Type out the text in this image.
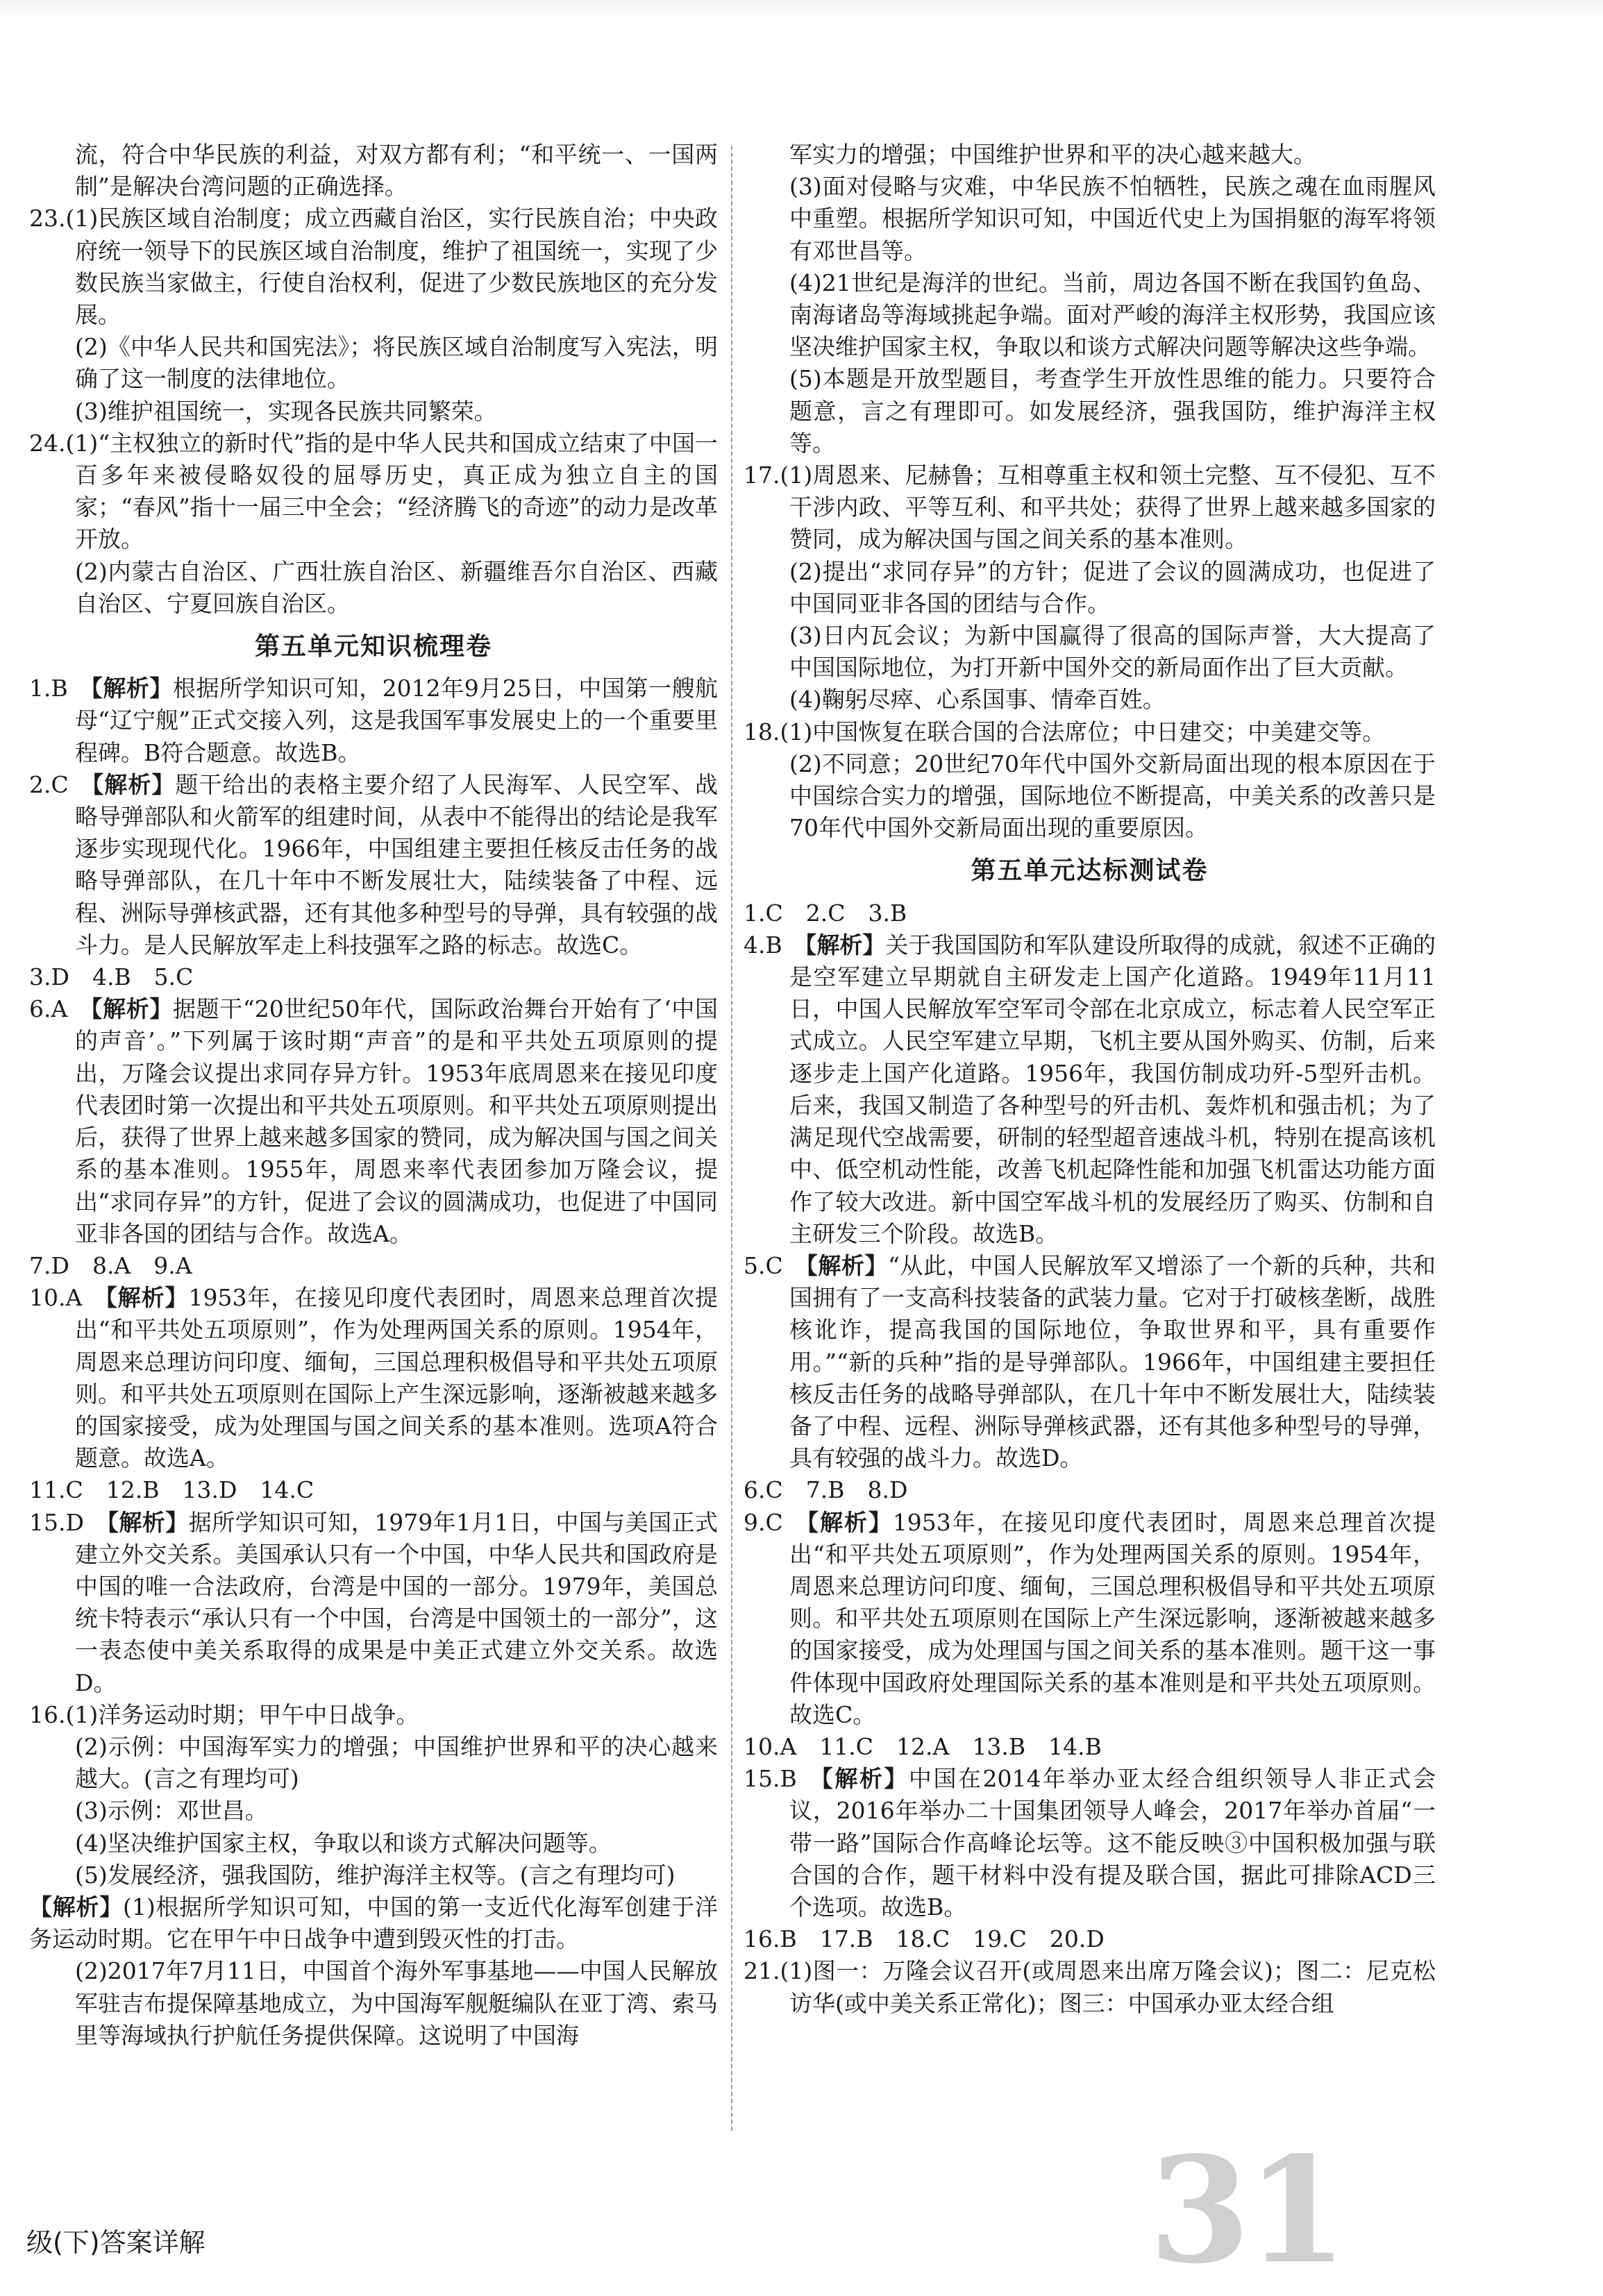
流，符合中华民族的利益，对双方都有利；“和平统一、一国两制”是解决台湾问题的正确选择。
23.(1)民族区域自治制度；成立西藏自治区，实行民族自治；中央政府统一领导下的民族区域自治制度，维护了祖国统一，实现了少数民族当家做主，行使自治权利，促进了少数民族地区的充分发展。
(2)《中华人民共和国宪法》；将民族区域自治制度写入宪法，明确了这一制度的法律地位。
(3)维护祖国统一，实现各民族共同繁荣。
24.(1)“主权独立的新时代”指的是中华人民共和国成立结束了中国一百多年来被侵略奴役的屈辱历史，真正成为独立自主的国家；“春风”指十一届三中全会；“经济腾飞的奇迹”的动力是改革开放。
(2)内蒙古自治区、广西壮族自治区、新疆维吾尔自治区、西藏自治区、宁夏回族自治区。
第五单元知识梳理卷
1.B  【解析】根据所学知识可知，2012年9月25日，中国第一艘航母“辽宁舰”正式交接入列，这是我国军事发展史上的一个重要里程碑。B符合题意。故选B。
2.C  【解析】题干给出的表格主要介绍了人民海军、人民空军、战略导弹部队和火箭军的组建时间，从表中不能得出的结论是我军逐步实现现代化。1966年，中国组建主要担任核反击任务的战略导弹部队，在几十年中不断发展壮大，陆续装备了中程、远程、洲际导弹核武器，还有其他多种型号的导弹，具有较强的战斗力。是人民解放军走上科技强军之路的标志。故选C。
3.D　4.B　5.C
6.A  【解析】据题干“20世纪50年代，国际政治舞台开始有了‘中国的声音’。”下列属于该时期“声音”的是和平共处五项原则的提出，万隆会议提出求同存异方针。1953年底周恩来在接见印度代表团时第一次提出和平共处五项原则。和平共处五项原则提出后，获得了世界上越来越多国家的赞同，成为解决国与国之间关系的基本准则。1955年，周恩来率代表团参加万隆会议，提出“求同存异”的方针，促进了会议的圆满成功，也促进了中国同亚非各国的团结与合作。故选A。
7.D　8.A　9.A
10.A  【解析】1953年，在接见印度代表团时，周恩来总理首次提出“和平共处五项原则”，作为处理两国关系的原则。1954年，周恩来总理访问印度、缅甸，三国总理积极倡导和平共处五项原则。和平共处五项原则在国际上产生深远影响，逐渐被越来越多的国家接受，成为处理国与国之间关系的基本准则。选项A符合题意。故选A。
11.C　12.B　13.D　14.C
15.D  【解析】据所学知识可知，1979年1月1日，中国与美国正式建立外交关系。美国承认只有一个中国，中华人民共和国政府是中国的唯一合法政府，台湾是中国的一部分。1979年，美国总统卡特表示“承认只有一个中国，台湾是中国领土的一部分”，这一表态使中美关系取得的成果是中美正式建立外交关系。故选D。
16.(1)洋务运动时期；甲午中日战争。
(2)示例：中国海军实力的增强；中国维护世界和平的决心越来越大。(言之有理均可)
(3)示例：邓世昌。
(4)坚决维护国家主权，争取以和谈方式解决问题等。
(5)发展经济，强我国防，维护海洋主权等。(言之有理均可)
【解析】(1)根据所学知识可知，中国的第一支近代化海军创建于洋务运动时期。它在甲午中日战争中遭到毁灭性的打击。
(2)2017年7月11日，中国首个海外军事基地——中国人民解放军驻吉布提保障基地成立，为中国海军舰艇编队在亚丁湾、索马里等海域执行护航任务提供保障。这说明了中国海
军实力的增强；中国维护世界和平的决心越来越大。
(3)面对侵略与灾难，中华民族不怕牺牲，民族之魂在血雨腥风中重塑。根据所学知识可知，中国近代史上为国捐躯的海军将领有邓世昌等。
(4)21世纪是海洋的世纪。当前，周边各国不断在我国钓鱼岛、南海诸岛等海域挑起争端。面对严峻的海洋主权形势，我国应该坚决维护国家主权，争取以和谈方式解决问题等解决这些争端。
(5)本题是开放型题目，考查学生开放性思维的能力。只要符合题意，言之有理即可。如发展经济，强我国防，维护海洋主权等。
17.(1)周恩来、尼赫鲁；互相尊重主权和领土完整、互不侵犯、互不干涉内政、平等互利、和平共处；获得了世界上越来越多国家的赞同，成为解决国与国之间关系的基本准则。
(2)提出“求同存异”的方针；促进了会议的圆满成功，也促进了中国同亚非各国的团结与合作。
(3)日内瓦会议；为新中国赢得了很高的国际声誉，大大提高了中国国际地位，为打开新中国外交的新局面作出了巨大贡献。
(4)鞠躬尽瘁、心系国事、情牵百姓。
18.(1)中国恢复在联合国的合法席位；中日建交；中美建交等。
(2)不同意；20世纪70年代中国外交新局面出现的根本原因在于中国综合实力的增强，国际地位不断提高，中美关系的改善只是70年代中国外交新局面出现的重要原因。
第五单元达标测试卷
1.C　2.C　3.B
4.B  【解析】关于我国国防和军队建设所取得的成就，叙述不正确的是空军建立早期就自主研发走上国产化道路。1949年11月11日，中国人民解放军空军司令部在北京成立，标志着人民空军正式成立。人民空军建立早期，飞机主要从国外购买、仿制，后来逐步走上国产化道路。1956年，我国仿制成功歼-5型歼击机。后来，我国又制造了各种型号的歼击机、轰炸机和强击机；为了满足现代空战需要，研制的轻型超音速战斗机，特别在提高该机中、低空机动性能，改善飞机起降性能和加强飞机雷达功能方面作了较大改进。新中国空军战斗机的发展经历了购买、仿制和自主研发三个阶段。故选B。
5.C  【解析】“从此，中国人民解放军又增添了一个新的兵种，共和国拥有了一支高科技装备的武装力量。它对于打破核垄断，战胜核讹诈，提高我国的国际地位，争取世界和平，具有重要作用。”“新的兵种”指的是导弹部队。1966年，中国组建主要担任核反击任务的战略导弹部队，在几十年中不断发展壮大，陆续装备了中程、远程、洲际导弹核武器，还有其他多种型号的导弹，具有较强的战斗力。故选D。
6.C　7.B　8.D
9.C  【解析】1953年，在接见印度代表团时，周恩来总理首次提出“和平共处五项原则”，作为处理两国关系的原则。1954年，周恩来总理访问印度、缅甸，三国总理积极倡导和平共处五项原则。和平共处五项原则在国际上产生深远影响，逐渐被越来越多的国家接受，成为处理国与国之间关系的基本准则。题干这一事件体现中国政府处理国际关系的基本准则是和平共处五项原则。故选C。
10.A　11.C　12.A　13.B　14.B
15.B  【解析】中国在2014年举办亚太经合组织领导人非正式会议，2016年举办二十国集团领导人峰会，2017年举办首届“一带一路”国际合作高峰论坛等。这不能反映③中国积极加强与联合国的合作，题干材料中没有提及联合国，据此可排除ACD三个选项。故选B。
16.B　17.B　18.C　19.C　20.D
21.(1)图一：万隆会议召开(或周恩来出席万隆会议)；图二：尼克松访华(或中美关系正常化)；图三：中国承办亚太经合组
级(下)答案详解	31
